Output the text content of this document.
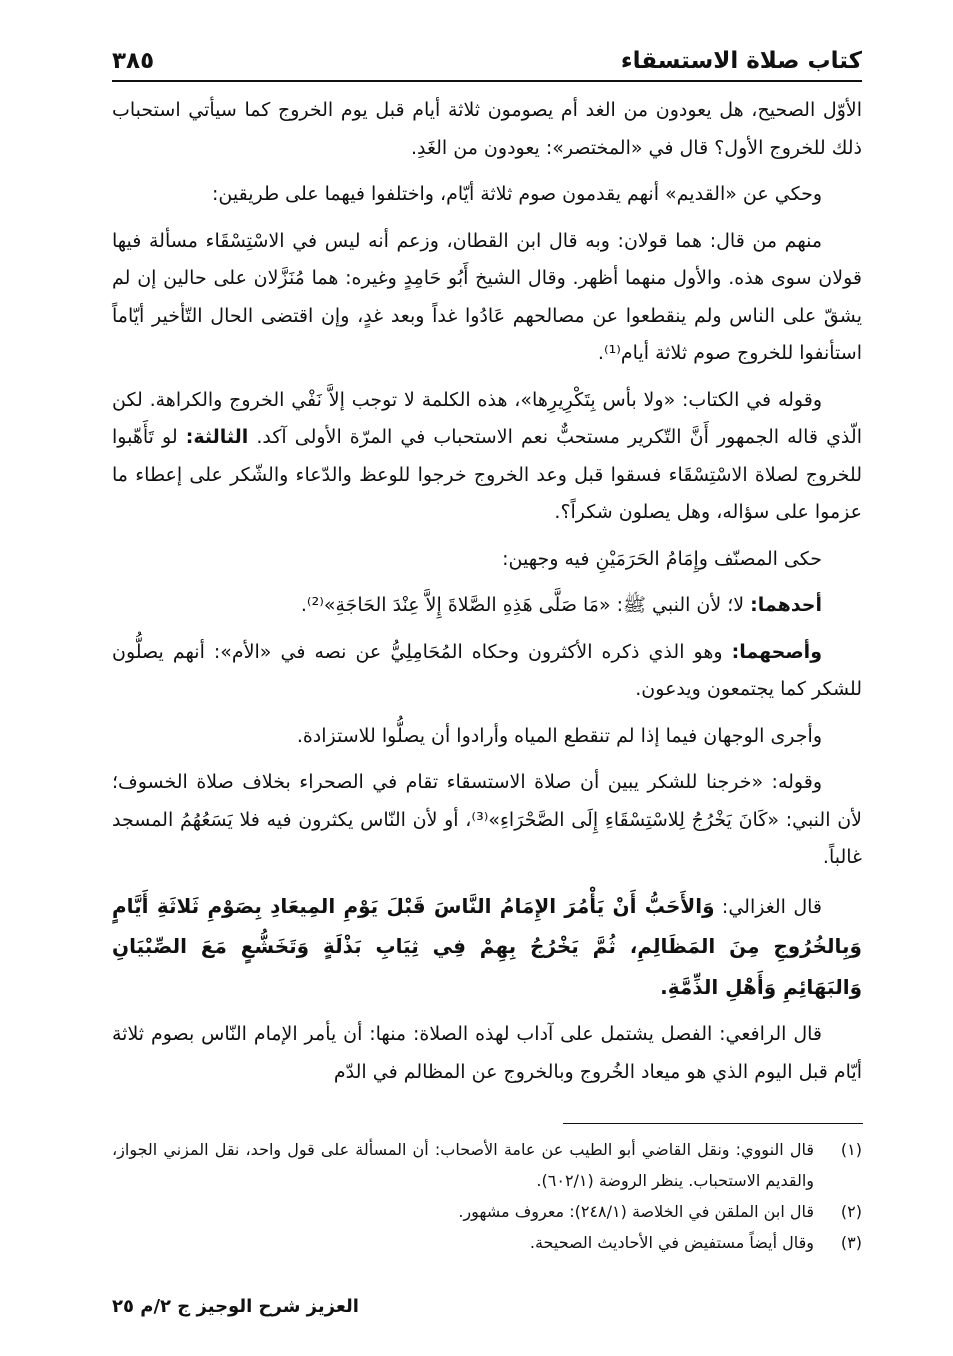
كتاب صلاة الاستسقاء
٣٨٥

الأوّل الصحيح، هل يعودون من الغد أم يصومون ثلاثة أيام قبل يوم الخروج كما سيأتي استحباب ذلك للخروج الأول؟ قال في «المختصر»: يعودون من الغَدِ.

وحكي عن «القديم» أنهم يقدمون صوم ثلاثة أيّام، واختلفوا فيهما على طريقين:

منهم من قال: هما قولان: وبه قال ابن القطان، وزعم أنه ليس في الاسْتِسْقَاء مسألة فيها قولان سوى هذه. والأول منهما أظهر. وقال الشيخ أَبُو حَامِدٍ وغيره: هما مُنَزَّلان على حالين إن لم يشقّ على الناس ولم ينقطعوا عن مصالحهم عَادُوا غداً وبعد غدٍ، وإن اقتضى الحال التّأخير أيّاماً استأنفوا للخروج صوم ثلاثة أيام⁽¹⁾.

وقوله في الكتاب: «ولا بأس بِتَكْرِيرِها»، هذه الكلمة لا توجب إلاَّ نَفْي الخروج والكراهة. لكن الّذي قاله الجمهور أَنَّ التّكرير مستحبٌّ نعم الاستحباب في المرّة الأولى آكد. الثالثة: لو تَأَهّبوا للخروج لصلاة الاسْتِسْقَاء فسقوا قبل وعد الخروج خرجوا للوعظ والدّعاء والشّكر على إعطاء ما عزموا على سؤاله، وهل يصلون شكراً؟.

حكى المصنّف وإِمَامُ الحَرَمَيْنِ فيه وجهين:

أحدهما: لا؛ لأن النبي ﷺ: «مَا صَلَّى هَذِهِ الصَّلاةَ إِلاَّ عِنْدَ الحَاجَةِ»⁽²⁾.

وأصحهما: وهو الذي ذكره الأكثرون وحكاه المُحَامِلِيُّ عن نصه في «الأم»: أنهم يصلُّون للشكر كما يجتمعون ويدعون.

وأجرى الوجهان فيما إذا لم تنقطع المياه وأرادوا أن يصلُّوا للاستزادة.

وقوله: «خرجنا للشكر يبين أن صلاة الاستسقاء تقام في الصحراء بخلاف صلاة الخسوف؛ لأن النبي: «كَانَ يَخْرُجُ لِلاسْتِسْقَاءِ إِلَى الصَّحْرَاءِ»⁽³⁾، أو لأن النّاس يكثرون فيه فلا يَسَعُهُمُ المسجد غالباً.

قال الغزالي: وَالأَحَبُّ أَنْ يَأْمُرَ الإِمَامُ النَّاسَ قَبْلَ يَوْمِ المِيعَادِ بِصَوْمِ ثَلاثَةِ أَيَّامٍ وَبِالخُرُوجِ مِنَ المَظَالِمِ، ثُمَّ يَخْرُجُ بِهِمْ فِي ثِيَابِ بَذْلَةٍ وَتَخَشُّعٍ مَعَ الصِّبْيَانِ وَالبَهَائِمِ وَأَهْلِ الذِّمَّةِ.

قال الرافعي: الفصل يشتمل على آداب لهذه الصلاة: منها: أن يأمر الإمام النّاس بصوم ثلاثة أيّام قبل اليوم الذي هو ميعاد الخُروج وبالخروج عن المظالم في الدّم

(١)
قال النووي: ونقل القاضي أبو الطيب عن عامة الأصحاب: أن المسألة على قول واحد، نقل المزني الجواز، والقديم الاستحباب. ينظر الروضة (٦٠٢/١).
(٢)
قال ابن الملقن في الخلاصة (٢٤٨/١): معروف مشهور.
(٣)
وقال أيضاً مستفيض في الأحاديث الصحيحة.
العزيز شرح الوجيز ج ٢/م ٢٥
